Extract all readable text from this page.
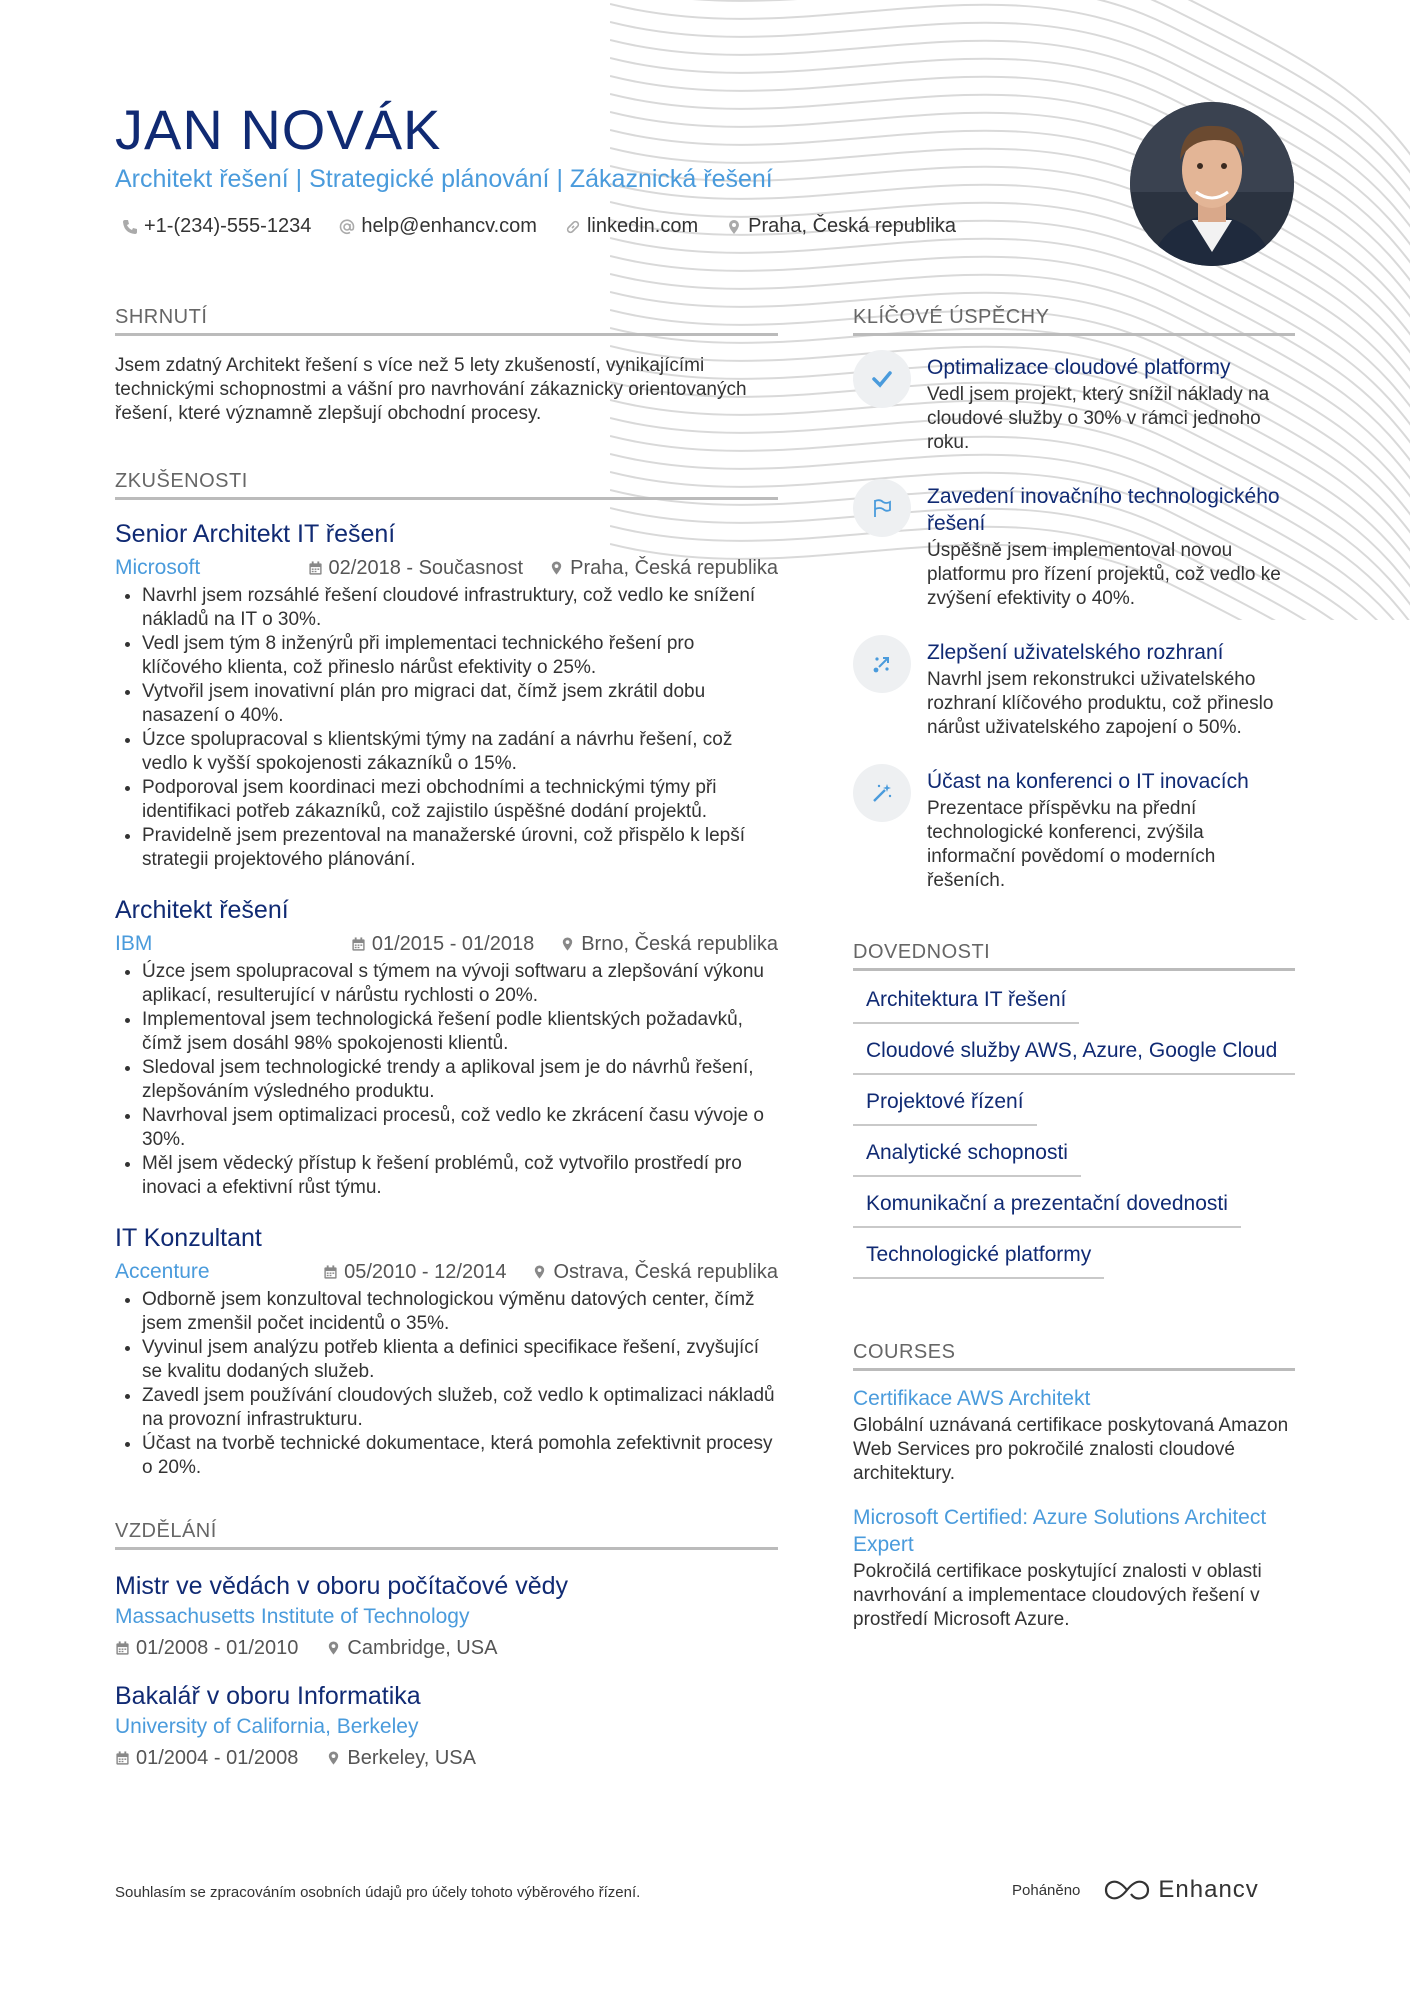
JAN NOVÁK
Architekt řešení | Strategické plánování | Zákaznická řešení
+1-(234)-555-1234	help@enhancv.com	linkedin.com	Praha, Česká republika
SHRNUTÍ

Jsem zdatný Architekt řešení s více než 5 lety zkušeností, vynikajícími technickými schopnostmi a vášní pro navrhování zákaznicky orientovaných řešení, které významně zlepšují obchodní procesy.

ZKUŠENOSTI
Senior Architekt IT řešení
Microsoft	02/2018 - Současnost Praha, Česká republika
• Navrhl jsem rozsáhlé řešení cloudové infrastruktury, což vedlo ke snížení nákladů na IT o 30%.
• Vedl jsem tým 8 inženýrů při implementaci technického řešení pro klíčového klienta, což přineslo nárůst efektivity o 25%.
• Vytvořil jsem inovativní plán pro migraci dat, čímž jsem zkrátil dobu nasazení o 40%.
• Úzce spolupracoval s klientskými týmy na zadání a návrhu řešení, což vedlo k vyšší spokojenosti zákazníků o 15%.
• Podporoval jsem koordinaci mezi obchodními a technickými týmy při identifikaci potřeb zákazníků, což zajistilo úspěšné dodání projektů.
• Pravidelně jsem prezentoval na manažerské úrovni, což přispělo k lepší strategii projektového plánování.
Architekt řešení
IBM	01/2015 - 01/2018 Brno, Česká republika
• Úzce jsem spolupracoval s týmem na vývoji softwaru a zlepšování výkonu aplikací, resulterující v nárůstu rychlosti o 20%.
• Implementoval jsem technologická řešení podle klientských požadavků, čímž jsem dosáhl 98% spokojenosti klientů.
• Sledoval jsem technologické trendy a aplikoval jsem je do návrhů řešení, zlepšováním výsledného produktu.
• Navrhoval jsem optimalizaci procesů, což vedlo ke zkrácení času vývoje o 30%.
• Měl jsem vědecký přístup k řešení problémů, což vytvořilo prostředí pro inovaci a efektivní růst týmu.
IT Konzultant
Accenture	05/2010 - 12/2014 Ostrava, Česká republika
• Odborně jsem konzultoval technologickou výměnu datových center, čímž jsem zmenšil počet incidentů o 35%.
• Vyvinul jsem analýzu potřeb klienta a definici specifikace řešení, zvyšující se kvalitu dodaných služeb.
• Zavedl jsem používání cloudových služeb, což vedlo k optimalizaci nákladů na provozní infrastrukturu.
• Účast na tvorbě technické dokumentace, která pomohla zefektivnit procesy o 20%.
VZDĚLÁNÍ
Mistr ve vědách v oboru počítačové vědy
Massachusetts Institute of Technology
01/2008 - 01/2010 Cambridge, USA
Bakalář v oboru Informatika
University of California, Berkeley
01/2004 - 01/2008 Berkeley, USA
KLÍČOVÉ ÚSPĚCHY
Optimalizace cloudové platformy

Vedl jsem projekt, který snížil náklady na cloudové služby o 30% v rámci jednoho roku.

Zavedení inovačního technologického řešení

Úspěšně jsem implementoval novou platformu pro řízení projektů, což vedlo ke zvýšení efektivity o 40%.

Zlepšení uživatelského rozhraní

Navrhl jsem rekonstrukci uživatelského rozhraní klíčového produktu, což přineslo nárůst uživatelského zapojení o 50%.

Účast na konferenci o IT inovacích

Prezentace příspěvku na přední technologické konferenci, zvýšila informační povědomí o moderních řešeních.

DOVEDNOSTI
Architektura IT řešení
Cloudové služby AWS, Azure, Google Cloud
Projektové řízení
Analytické schopnosti
Komunikační a prezentační dovednosti
Technologické platformy
COURSES
Certifikace AWS Architekt

Globální uznávaná certifikace poskytovaná Amazon Web Services pro pokročilé znalosti cloudové architektury.

Microsoft Certified: Azure Solutions Architect Expert

Pokročilá certifikace poskytující znalosti v oblasti navrhování a implementace cloudových řešení v prostředí Microsoft Azure.

Souhlasím se zpracováním osobních údajů pro účely tohoto výběrového řízení.	Poháněno	Enhancv
